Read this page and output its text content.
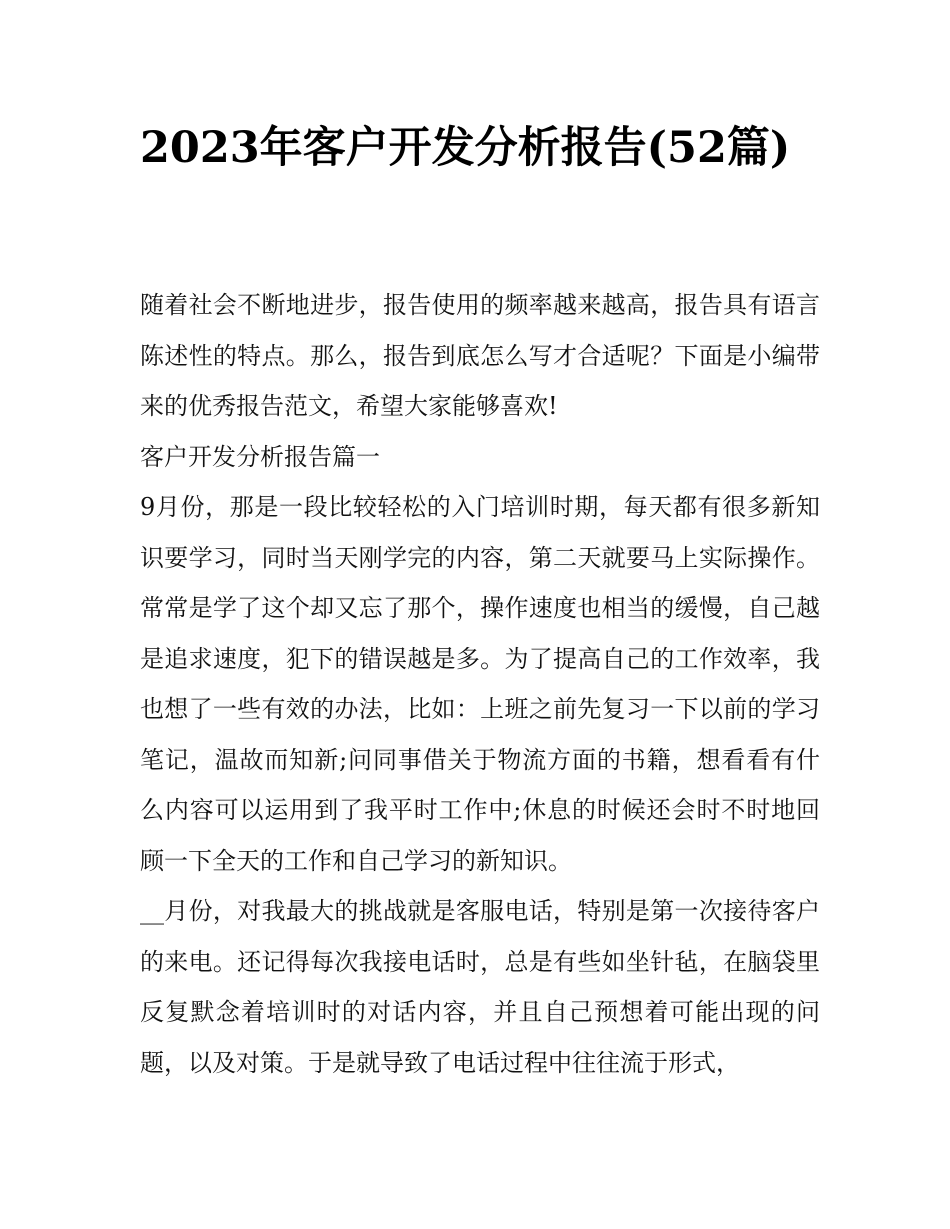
2023年客户开发分析报告(52篇)

随着社会不断地进步，报告使用的频率越来越高，报告具有语言陈述性的特点。那么，报告到底怎么写才合适呢？下面是小编带来的优秀报告范文，希望大家能够喜欢!

客户开发分析报告篇一

9月份，那是一段比较轻松的入门培训时期，每天都有很多新知识要学习，同时当天刚学完的内容，第二天就要马上实际操作。常常是学了这个却又忘了那个，操作速度也相当的缓慢，自己越是追求速度，犯下的错误越是多。为了提高自己的工作效率，我也想了一些有效的办法，比如：上班之前先复习一下以前的学习笔记，温故而知新;问同事借关于物流方面的书籍，想看看有什么内容可以运用到了我平时工作中;休息的时候还会时不时地回顾一下全天的工作和自己学习的新知识。

__月份，对我最大的挑战就是客服电话，特别是第一次接待客户的来电。还记得每次我接电话时，总是有些如坐针毡，在脑袋里反复默念着培训时的对话内容，并且自己预想着可能出现的问题，以及对策。于是就导致了电话过程中往往流于形式，
